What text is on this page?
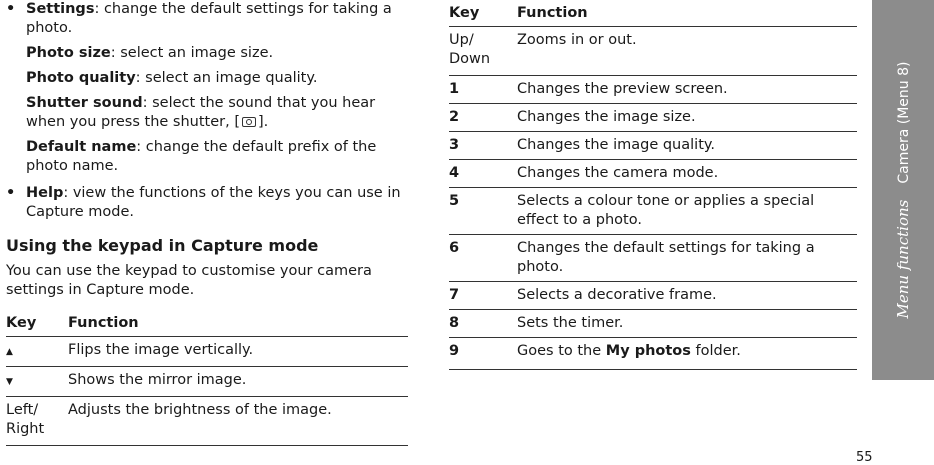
• Settings: change the default settings for taking a photo.
Photo size: select an image size.
Photo quality: select an image quality.
Shutter sound: select the sound that you hear when you press the shutter, [ ].
Default name: change the default prefix of the photo name.
• Help: view the functions of the keys you can use in Capture mode.
Using the keypad in Capture mode

You can use the keypad to customise your camera settings in Capture mode.

Key	Function
▲	Flips the image vertically.
▼	Shows the mirror image.
Left/ Right	Adjusts the brightness of the image.
Key	Function
Up/ Down	Zooms in or out.
1	Changes the preview screen.
2	Changes the image size.
3	Changes the image quality.
4	Changes the camera mode.
5	Selects a colour tone or applies a special effect to a photo.
6	Changes the default settings for taking a photo.
7	Selects a decorative frame.
8	Sets the timer.
9	Goes to the My photos folder.
Menu functionsCamera (Menu 8)
55
